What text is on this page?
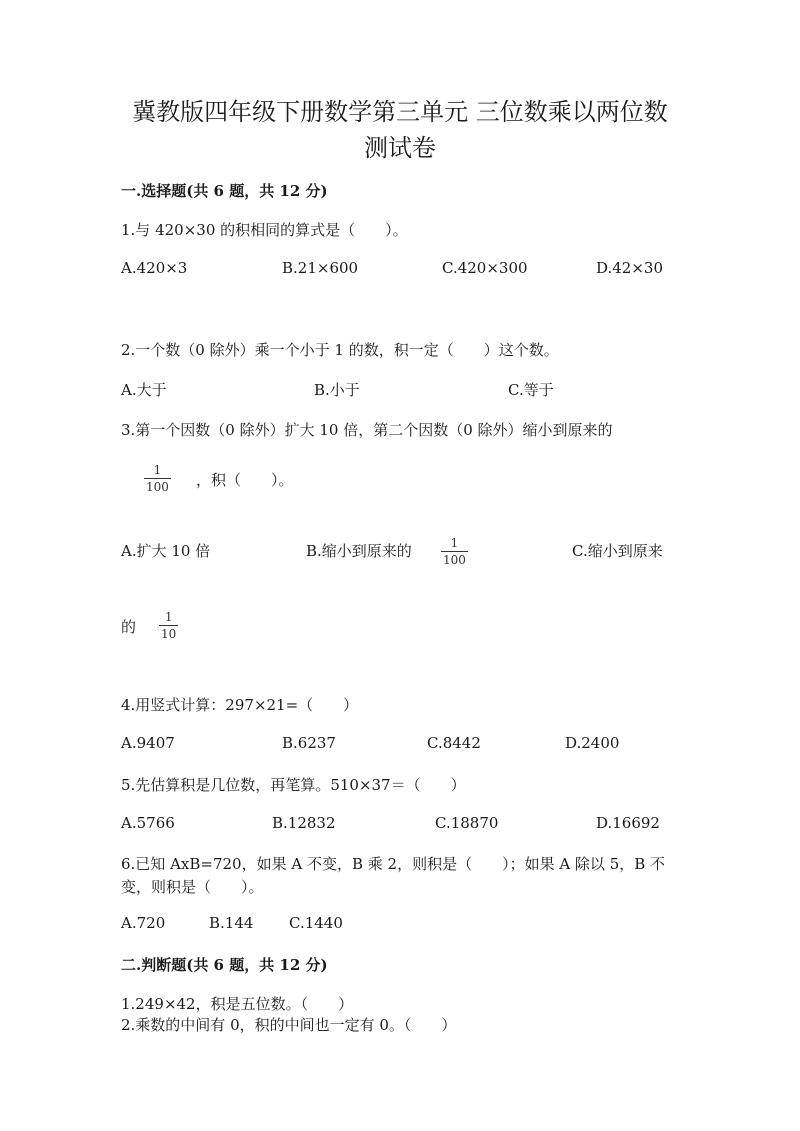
冀教版四年级下册数学第三单元 三位数乘以两位数
测试卷
一.选择题(共 6 题，共 12 分)
1.与 420×30 的积相同的算式是（　　）。
A.420×3	B.21×600	C.420×300	D.42×30
2.一个数（0 除外）乘一个小于 1 的数，积一定（　　）这个数。
A.大于	B.小于	C.等于
3.第一个因数（0 除外）扩大 10 倍，第二个因数（0 除外）缩小到原来的
1
100 ，积（　　）。
A.扩大 10 倍	B.缩小到原来的	1
100	C.缩小到原来
的
1
10
4.用竖式计算：297×21=（　　）
A.9407	B.6237	C.8442	D.2400
5.先估算积是几位数，再笔算。510×37＝（　　）
A.5766	B.12832	C.18870	D.16692
6.已知 AxB=720，如果 A 不变，B 乘 2，则积是（　　）；如果 A 除以 5，B 不
变，则积是（　　）。
A.720	B.144 C.1440
二.判断题(共 6 题，共 12 分)
1.249×42，积是五位数。（　　）
2.乘数的中间有 0，积的中间也一定有 0。（　　）
